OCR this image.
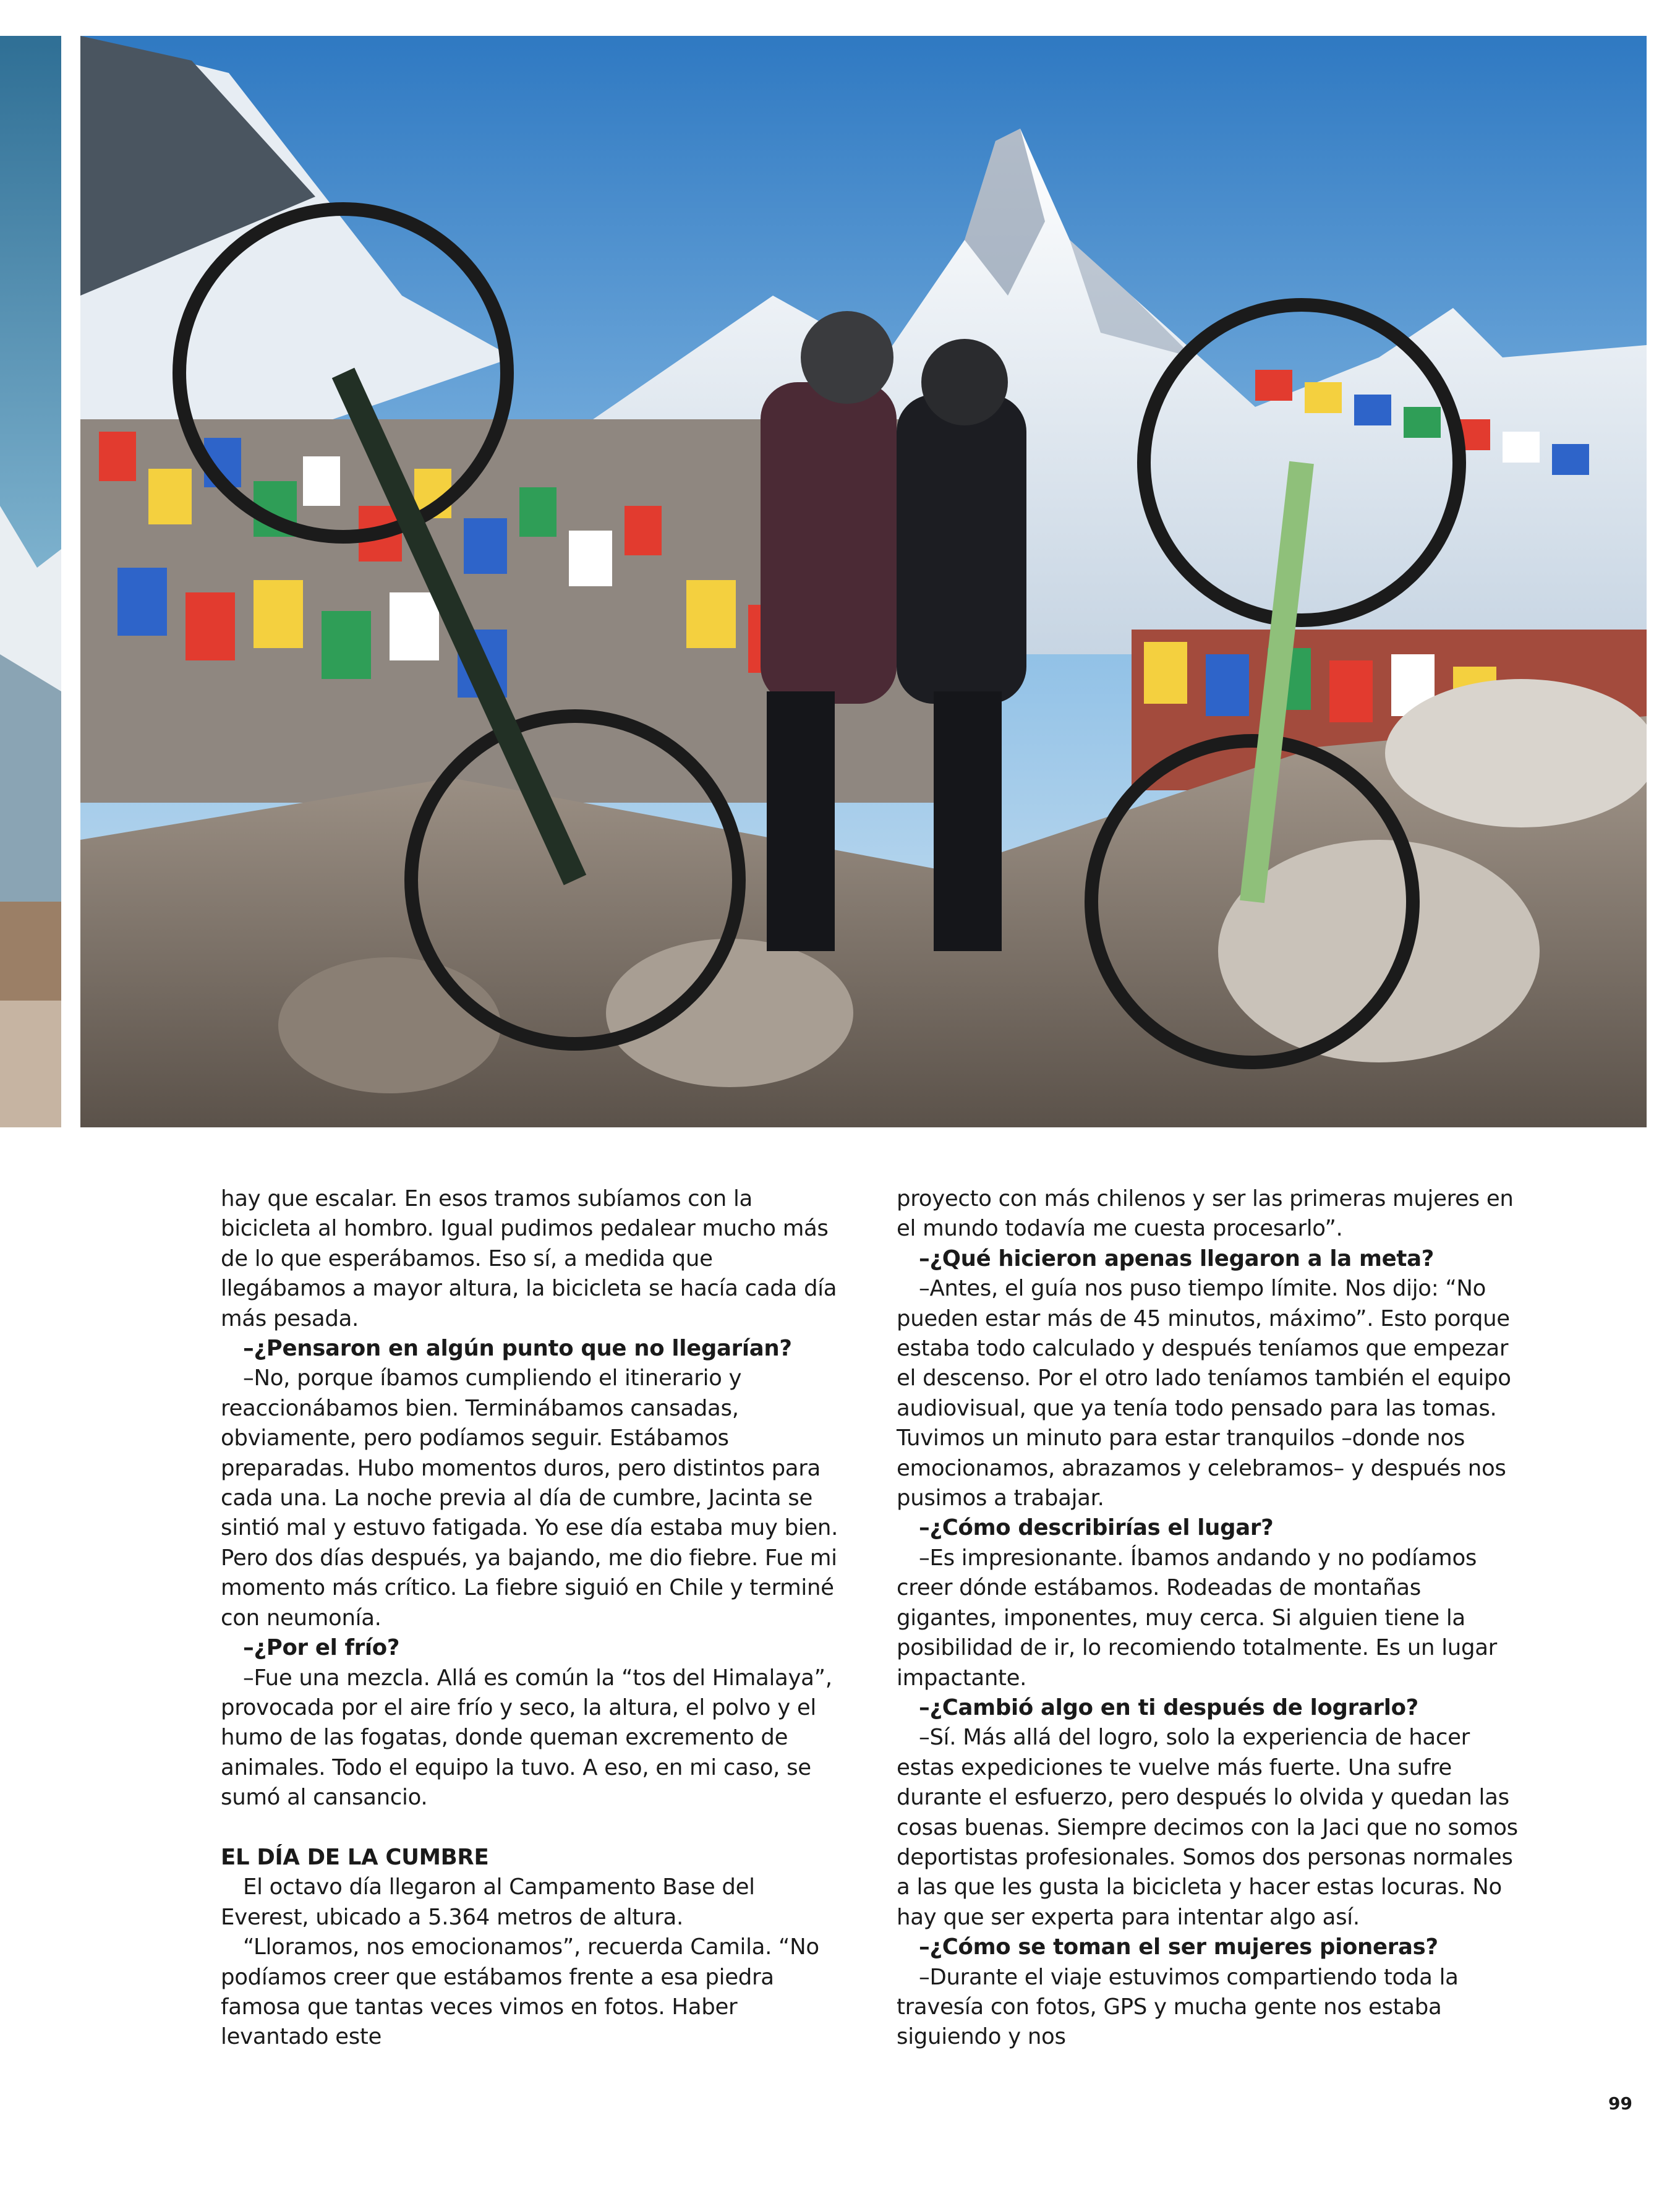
hay que escalar. En esos tramos subíamos con la bicicleta al hombro. Igual pudimos pedalear mucho más de lo que esperábamos. Eso sí, a medida que llegábamos a mayor altura, la bicicleta se hacía cada día más pesada.

–¿Pensaron en algún punto que no llegarían?

–No, porque íbamos cumpliendo el itinerario y reaccionábamos bien. Terminábamos cansadas, obviamente, pero podíamos seguir. Estábamos preparadas. Hubo momentos duros, pero distintos para cada una. La noche previa al día de cumbre, Jacinta se sintió mal y estuvo fatigada. Yo ese día estaba muy bien. Pero dos días después, ya bajando, me dio fiebre. Fue mi momento más crítico. La fiebre siguió en Chile y terminé con neumonía.

–¿Por el frío?

–Fue una mezcla. Allá es común la “tos del Himalaya”, provocada por el aire frío y seco, la altura, el polvo y el humo de las fogatas, donde queman excremento de animales. Todo el equipo la tuvo. A eso, en mi caso, se sumó al cansancio.

EL DÍA DE LA CUMBRE

El octavo día llegaron al Campamento Base del Everest, ubicado a 5.364 metros de altura.

“Lloramos, nos emocionamos”, recuerda Camila. “No podíamos creer que estábamos frente a esa piedra famosa que tantas veces vimos en fotos. Haber levantado este

proyecto con más chilenos y ser las primeras mujeres en el mundo todavía me cuesta procesarlo”.

–¿Qué hicieron apenas llegaron a la meta?

–Antes, el guía nos puso tiempo límite. Nos dijo: “No pueden estar más de 45 minutos, máximo”. Esto porque estaba todo calculado y después teníamos que empezar el descenso. Por el otro lado teníamos también el equipo audiovisual, que ya tenía todo pensado para las tomas. Tuvimos un minuto para estar tranquilos –donde nos emocionamos, abrazamos y celebramos– y después nos pusimos a trabajar.

–¿Cómo describirías el lugar?

–Es impresionante. Íbamos andando y no podíamos creer dónde estábamos. Rodeadas de montañas gigantes, imponentes, muy cerca. Si alguien tiene la posibilidad de ir, lo recomiendo totalmente. Es un lugar impactante.

–¿Cambió algo en ti después de lograrlo?

–Sí. Más allá del logro, solo la experiencia de hacer estas expediciones te vuelve más fuerte. Una sufre durante el esfuerzo, pero después lo olvida y quedan las cosas buenas. Siempre decimos con la Jaci que no somos deportistas profesionales. Somos dos personas normales a las que les gusta la bicicleta y hacer estas locuras. No hay que ser experta para intentar algo así.

–¿Cómo se toman el ser mujeres pioneras?

–Durante el viaje estuvimos compartiendo toda la travesía con fotos, GPS y mucha gente nos estaba siguiendo y nos

99
